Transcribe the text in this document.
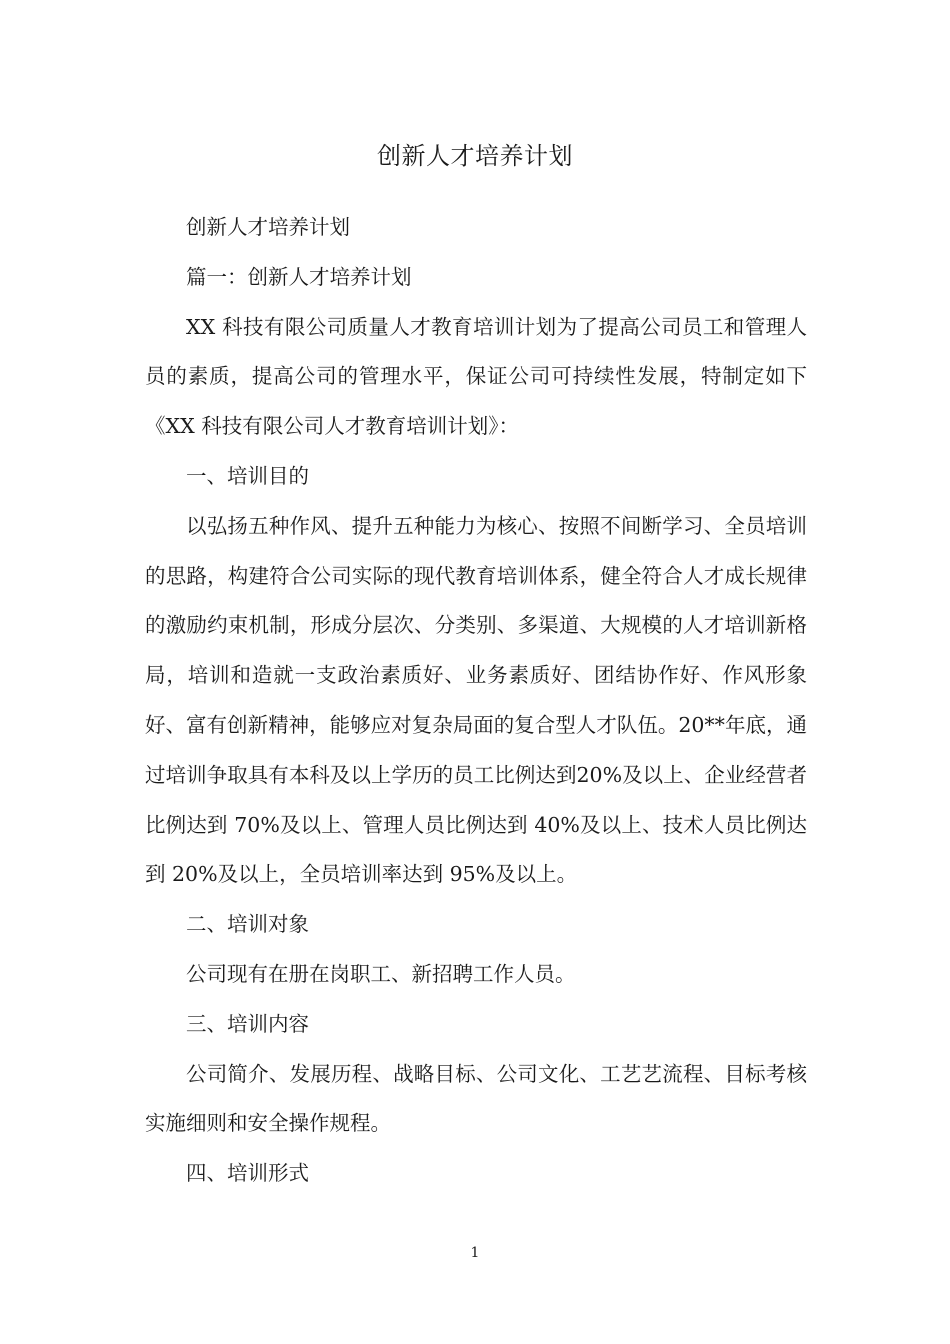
创新人才培养计划

创新人才培养计划

篇一：创新人才培养计划

XX 科技有限公司质量人才教育培训计划为了提高公司员工和管理人员的素质，提高公司的管理水平，保证公司可持续性发展，特制定如下《XX 科技有限公司人才教育培训计划》：

一、培训目的

以弘扬五种作风、提升五种能力为核心、按照不间断学习、全员培训的思路，构建符合公司实际的现代教育培训体系，健全符合人才成长规律的激励约束机制，形成分层次、分类别、多渠道、大规模的人才培训新格局，培训和造就一支政治素质好、业务素质好、团结协作好、作风形象好、富有创新精神，能够应对复杂局面的复合型人才队伍。20**年底，通过培训争取具有本科及以上学历的员工比例达到20%及以上、企业经营者比例达到 70%及以上、管理人员比例达到 40%及以上、技术人员比例达到 20%及以上，全员培训率达到 95%及以上。

二、培训对象

公司现有在册在岗职工、新招聘工作人员。

三、培训内容

公司简介、发展历程、战略目标、公司文化、工艺艺流程、目标考核实施细则和安全操作规程。

四、培训形式

1
